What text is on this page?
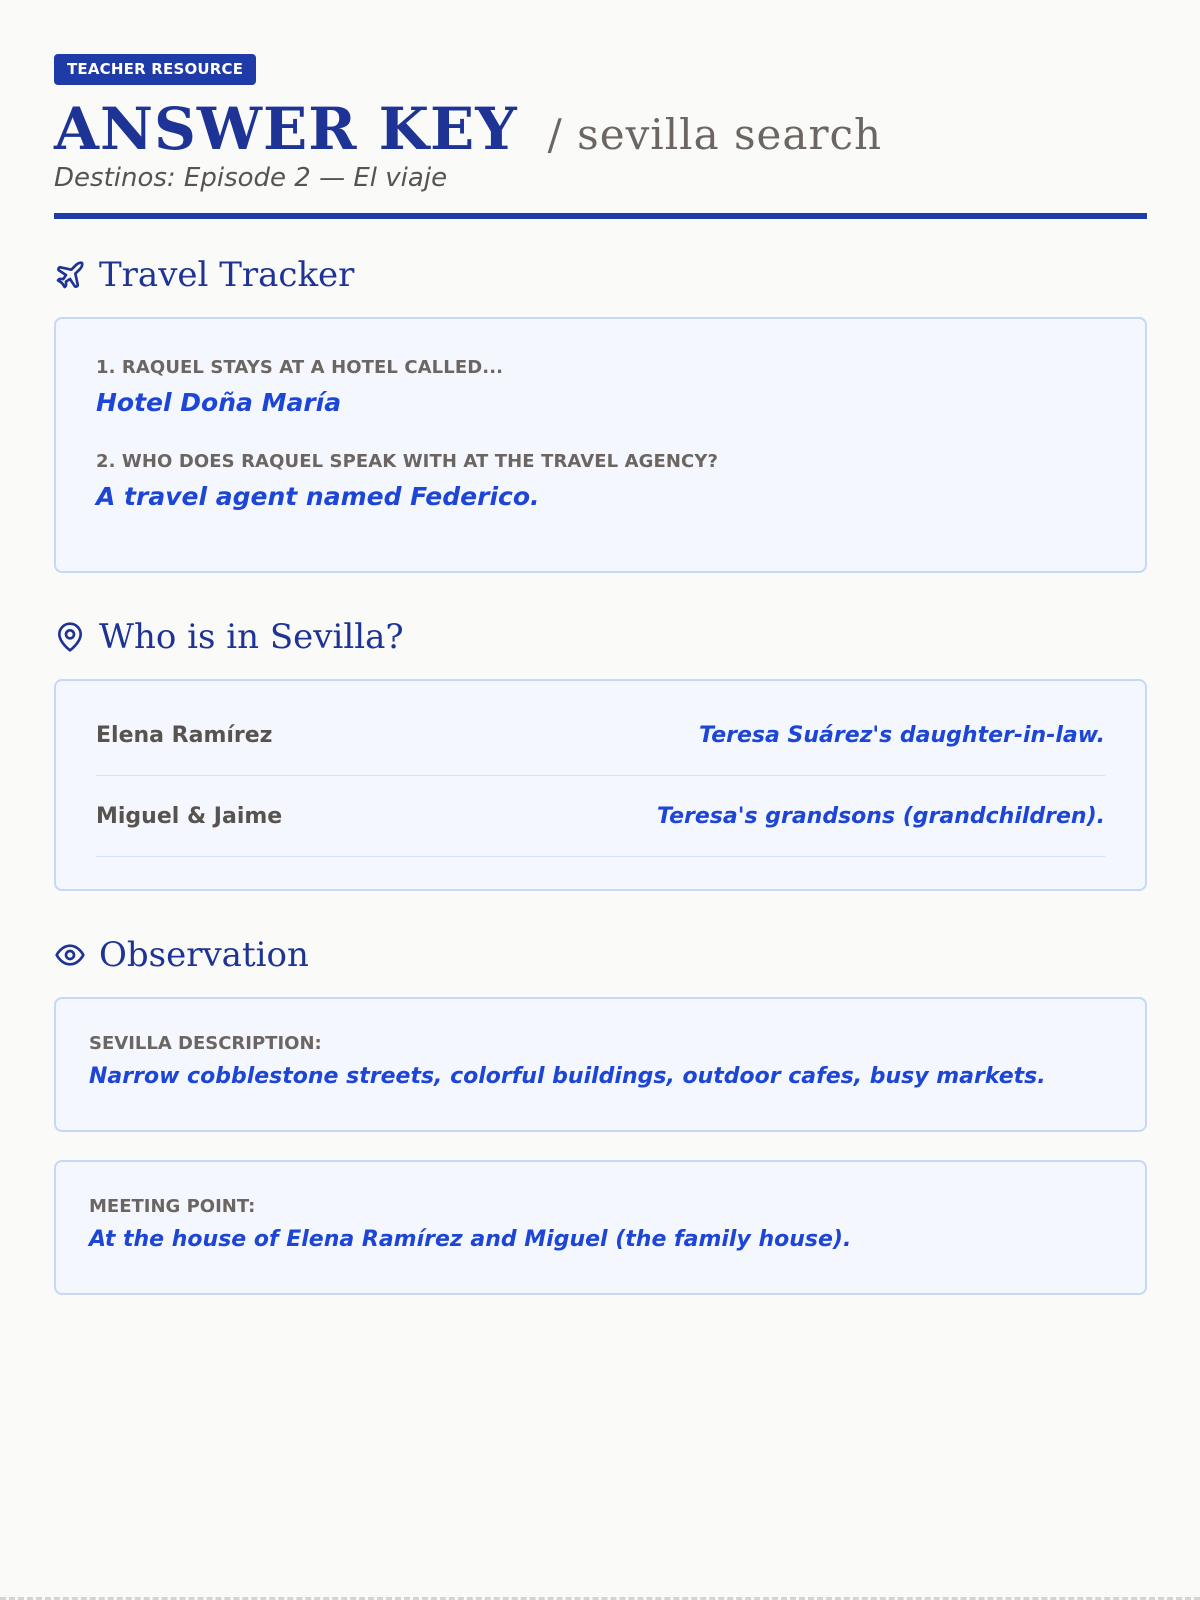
TEACHER RESOURCE
ANSWER KEY / sevilla search
Destinos: Episode 2 — El viaje
Travel Tracker
1. RAQUEL STAYS AT A HOTEL CALLED...
Hotel Doña María
2. WHO DOES RAQUEL SPEAK WITH AT THE TRAVEL AGENCY?
A travel agent named Federico.
Who is in Sevilla?
Elena Ramírez	Teresa Suárez's daughter-in-law.
Miguel & Jaime	Teresa's grandsons (grandchildren).
Observation
SEVILLA DESCRIPTION:
Narrow cobblestone streets, colorful buildings, outdoor cafes, busy markets.
MEETING POINT:
At the house of Elena Ramírez and Miguel (the family house).
